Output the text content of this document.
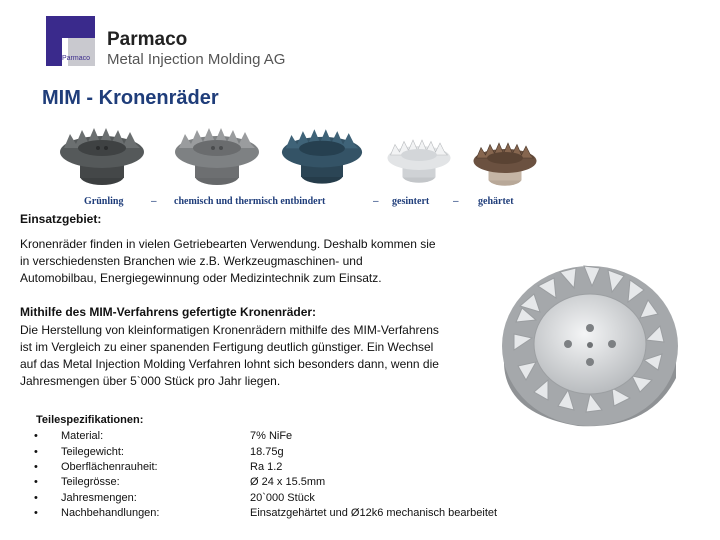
Parmaco
Parmaco
Metal Injection Molding AG
MIM - Kronenräder
Grünling	– chemisch und thermisch entbindert	– gesintert – gehärtet
Einsatzgebiet:
Kronenräder finden in vielen Getriebearten Verwendung. Deshalb kommen sie in verschiedensten Branchen wie z.B. Werkzeugmaschinen- und Automobilbau, Energiegewinnung oder Medizintechnik zum Einsatz.
Mithilfe des MIM-Verfahrens gefertigte Kronenräder:
Die Herstellung von kleinformatigen Kronenrädern mithilfe des MIM-Verfahrens ist im Vergleich zu einer spanenden Fertigung deutlich günstiger. Ein Wechsel auf das Metal Injection Molding Verfahren lohnt sich besonders dann, wenn die Jahresmengen über 5`000 Stück pro Jahr liegen.
Teilespezifikationen:
• Material:	7% NiFe
• Teilegewicht:	18.75g
• Oberflächenrauheit:	Ra 1.2
• Teilegrösse:	Ø 24 x 15.5mm
• Jahresmengen:	20`000 Stück
• Nachbehandlungen:	Einsatzgehärtet und Ø12k6 mechanisch bearbeitet
